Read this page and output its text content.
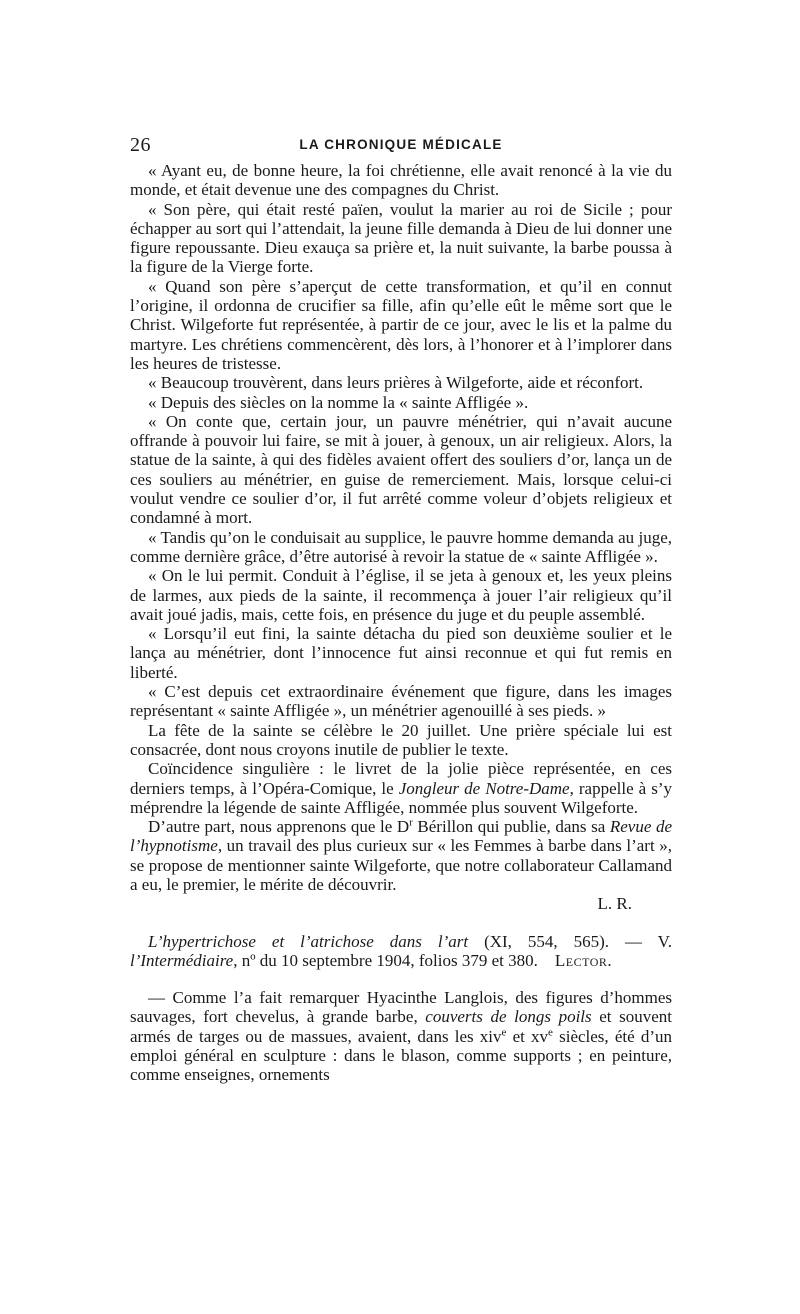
26	LA CHRONIQUE MÉDICALE

« Ayant eu, de bonne heure, la foi chrétienne, elle avait renoncé à la vie du monde, et était devenue une des compagnes du Christ.

« Son père, qui était resté païen, voulut la marier au roi de Sicile ; pour échapper au sort qui l’attendait, la jeune fille demanda à Dieu de lui donner une figure repoussante. Dieu exauça sa prière et, la nuit suivante, la barbe poussa à la figure de la Vierge forte.

« Quand son père s’aperçut de cette transformation, et qu’il en connut l’origine, il ordonna de crucifier sa fille, afin qu’elle eût le même sort que le Christ. Wilgeforte fut représentée, à partir de ce jour, avec le lis et la palme du martyre. Les chrétiens commencèrent, dès lors, à l’honorer et à l’implorer dans les heures de tristesse.

« Beaucoup trouvèrent, dans leurs prières à Wilgeforte, aide et réconfort.

« Depuis des siècles on la nomme la « sainte Affligée ».

« On conte que, certain jour, un pauvre ménétrier, qui n’avait aucune offrande à pouvoir lui faire, se mit à jouer, à genoux, un air religieux. Alors, la statue de la sainte, à qui des fidèles avaient offert des souliers d’or, lança un de ces souliers au ménétrier, en guise de remerciement. Mais, lorsque celui-ci voulut vendre ce soulier d’or, il fut arrêté comme voleur d’objets religieux et condamné à mort.

« Tandis qu’on le conduisait au supplice, le pauvre homme demanda au juge, comme dernière grâce, d’être autorisé à revoir la statue de « sainte Affligée ».

« On le lui permit. Conduit à l’église, il se jeta à genoux et, les yeux pleins de larmes, aux pieds de la sainte, il recommença à jouer l’air religieux qu’il avait joué jadis, mais, cette fois, en présence du juge et du peuple assemblé.

« Lorsqu’il eut fini, la sainte détacha du pied son deuxième soulier et le lança au ménétrier, dont l’innocence fut ainsi reconnue et qui fut remis en liberté.

« C’est depuis cet extraordinaire événement que figure, dans les images représentant « sainte Affligée », un ménétrier agenouillé à ses pieds. »

La fête de la sainte se célèbre le 20 juillet. Une prière spéciale lui est consacrée, dont nous croyons inutile de publier le texte.

Coïncidence singulière : le livret de la jolie pièce représentée, en ces derniers temps, à l’Opéra-Comique, le Jongleur de Notre-Dame, rappelle à s’y méprendre la légende de sainte Affligée, nommée plus souvent Wilgeforte.

D’autre part, nous apprenons que le $D^r$ Bérillon qui publie, dans sa Revue de l’hypnotisme, un travail des plus curieux sur « les Femmes à barbe dans l’art », se propose de mentionner sainte Wilgeforte, que notre collaborateur Callamand a eu, le premier, le mérite de découvrir.

L. R.

L’hypertrichose et l’atrichose dans l’art (XI, 554, 565). — V. l’Intermédiaire, nº du 10 septembre 1904, folios 379 et 380. Lector.

— Comme l’a fait remarquer Hyacinthe Langlois, des figures d’hommes sauvages, fort chevelus, à grande barbe, couverts de longs poils et souvent armés de targes ou de massues, avaient, dans les xiv$^e$ et $xv^e$ siècles, été d’un emploi général en sculpture : dans le blason, comme supports ; en peinture, comme enseignes, ornements
